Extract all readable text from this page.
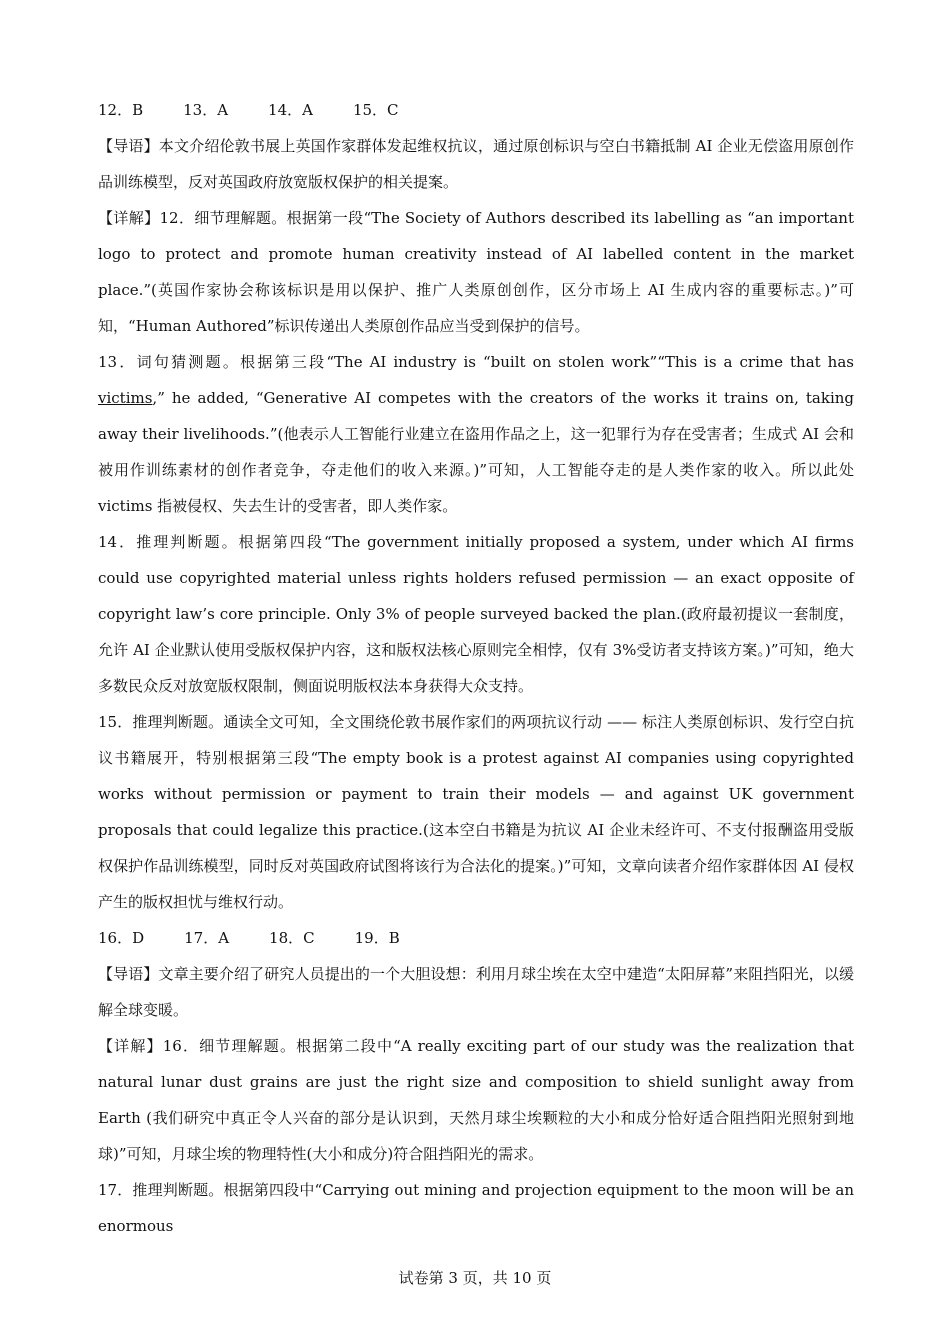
12．B	13．A	14．A	15．C

【导语】本文介绍伦敦书展上英国作家群体发起维权抗议，通过原创标识与空白书籍抵制 AI 企业无偿盗用原创作品训练模型，反对英国政府放宽版权保护的相关提案。

【详解】12．细节理解题。根据第一段“The Society of Authors described its labelling as “an important logo to protect and promote human creativity instead of AI labelled content in the market place.”(英国作家协会称该标识是用以保护、推广人类原创创作，区分市场上 AI 生成内容的重要标志。)”可知，“Human Authored”标识传递出人类原创作品应当受到保护的信号。

13．词句猜测题。根据第三段“The AI industry is “built on stolen work”“This is a crime that has victims,” he added, “Generative AI competes with the creators of the works it trains on, taking away their livelihoods.”(他表示人工智能行业建立在盗用作品之上，这一犯罪行为存在受害者；生成式 AI 会和被用作训练素材的创作者竞争，夺走他们的收入来源。)”可知，人工智能夺走的是人类作家的收入。所以此处 victims 指被侵权、失去生计的受害者，即人类作家。

14．推理判断题。根据第四段“The government initially proposed a system, under which AI firms could use copyrighted material unless rights holders refused permission — an exact opposite of copyright law’s core principle. Only 3% of people surveyed backed the plan.(政府最初提议一套制度，允许 AI 企业默认使用受版权保护内容，这和版权法核心原则完全相悖，仅有 3%受访者支持该方案。)”可知，绝大多数民众反对放宽版权限制，侧面说明版权法本身获得大众支持。

15．推理判断题。通读全文可知，全文围绕伦敦书展作家们的两项抗议行动 —— 标注人类原创标识、发行空白抗议书籍展开，特别根据第三段“The empty book is a protest against AI companies using copyrighted works without permission or payment to train their models — and against UK government proposals that could legalize this practice.(这本空白书籍是为抗议 AI 企业未经许可、不支付报酬盗用受版权保护作品训练模型，同时反对英国政府试图将该行为合法化的提案。)”可知，文章向读者介绍作家群体因 AI 侵权产生的版权担忧与维权行动。

16．D	17．A	18．C	19．B

【导语】文章主要介绍了研究人员提出的一个大胆设想：利用月球尘埃在太空中建造“太阳屏幕”来阻挡阳光，以缓解全球变暖。

【详解】16．细节理解题。根据第二段中“A really exciting part of our study was the realization that natural lunar dust grains are just the right size and composition to shield sunlight away from Earth (我们研究中真正令人兴奋的部分是认识到，天然月球尘埃颗粒的大小和成分恰好适合阻挡阳光照射到地球)”可知，月球尘埃的物理特性(大小和成分)符合阻挡阳光的需求。

17．推理判断题。根据第四段中“Carrying out mining and projection equipment to the moon will be an enormous

试卷第 3 页，共 10 页
